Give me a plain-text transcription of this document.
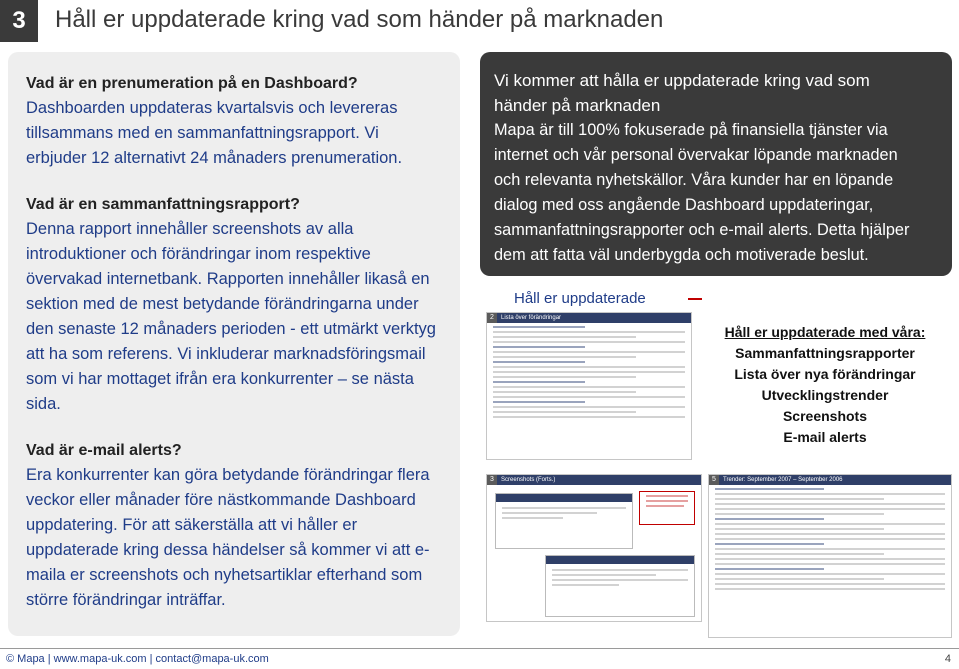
3	Håll er uppdaterade kring vad som händer på marknaden
Vad är en prenumeration på en Dashboard?
Dashboarden uppdateras kvartalsvis och levereras
tillsammans med en sammanfattningsrapport. Vi
erbjuder 12 alternativt 24 månaders prenumeration.
Vad är en sammanfattningsrapport?
Denna rapport innehåller screenshots av alla
introduktioner och förändringar inom respektive
övervakad internetbank. Rapporten innehåller likaså en
sektion med de mest betydande förändringarna under
den senaste 12 månaders perioden - ett utmärkt verktyg
att ha som referens. Vi inkluderar marknadsföringsmail
som vi har mottaget ifrån era konkurrenter – se nästa
sida.
Vad är e-mail alerts?
Era konkurrenter kan göra betydande förändringar flera
veckor eller månader före nästkommande Dashboard
uppdatering. För att säkerställa att vi håller er
uppdaterade kring dessa händelser så kommer vi att e-
maila er screenshots och nyhetsartiklar efterhand som
större förändringar inträffar.
Vi kommer att hålla er uppdaterade kring vad som
händer på marknaden
Mapa är till 100% fokuserade på finansiella tjänster via
internet och vår personal övervakar löpande marknaden
och relevanta nyhetskällor. Våra kunder har en löpande
dialog med oss angående Dashboard uppdateringar,
sammanfattningsrapporter och e-mail alerts. Detta hjälper
dem att fatta väl underbygda och motiverade beslut.
Håll er uppdaterade
2	Lista över förändringar
3	Screenshots (Forts.)	5	Trender: September 2007 – September 2006
Håll er uppdaterade med våra:
Sammanfattningsrapporter
Lista över nya förändringar
Utvecklingstrender
Screenshots
E-mail alerts
© Mapa | www.mapa-uk.com | contact@mapa-uk.com	4
